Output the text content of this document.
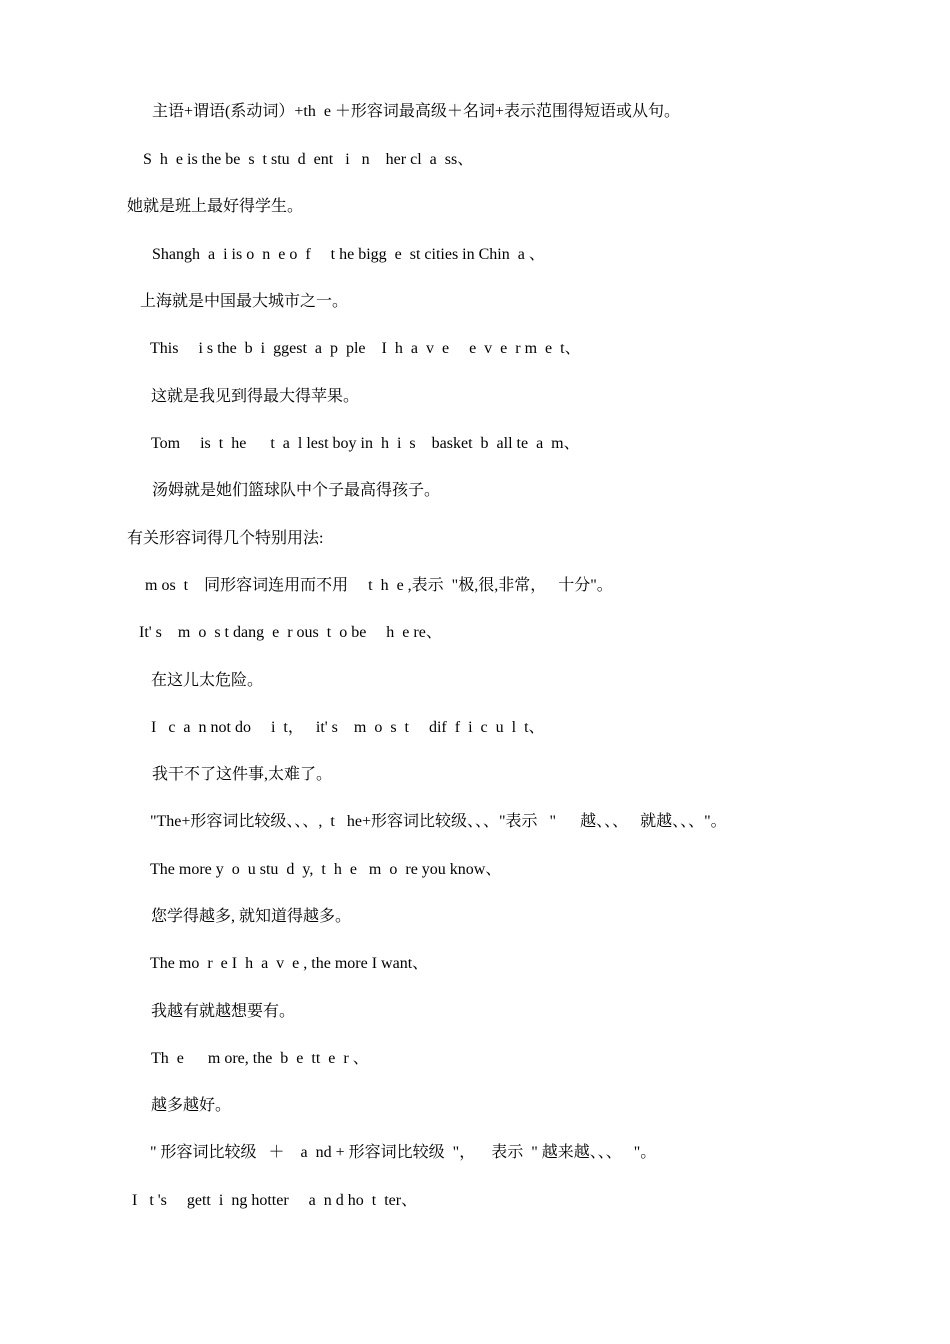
主语+谓语(系动词）+th  e ＋形容词最高级＋名词+表示范围得短语或从句。

S  h  e is the be  s  t stu  d  ent   i   n    her cl  a  ss、

她就是班上最好得学生。

Shangh  a  i is o  n  e o  f     t he bigg  e  st cities in Chin  a 、

上海就是中国最大城市之一。

This     i s the  b  i  ggest  a  p  ple    I  h  a  v  e     e  v  e  r m  e  t、

这就是我见到得最大得苹果。

Tom     is  t  he      t  a  l lest boy in  h  i  s    basket  b  all te  a  m、

汤姆就是她们篮球队中个子最高得孩子。

有关形容词得几个特别用法:

m os  t    同形容词连用而不用     t  h  e ,表示  "极,很,非常，   十分"。

It' s    m  o  s t dang  e  r ous  t  o be     h  e re、

在这儿太危险。

I   c  a  n not do     i  t，   it' s    m  o  s  t     dif  f  i  c  u  l  t、

我干不了这件事,太难了。

"The+形容词比较级、、、,  t   he+形容词比较级、、、"表示   "      越、、、   就越、、、"。

The more y  o  u stu  d  y,  t  h  e   m  o  re you know、

您学得越多, 就知道得越多。

The mo  r  e I  h  a  v  e , the more I want、

我越有就越想要有。

Th  e      m ore, the  b  e  tt  e  r 、

越多越好。

" 形容词比较级   ＋    a  nd + 形容词比较级  "，    表示  " 越来越、、、   "。

I   t 's     gett  i  ng hotter     a  n d ho  t  ter、
